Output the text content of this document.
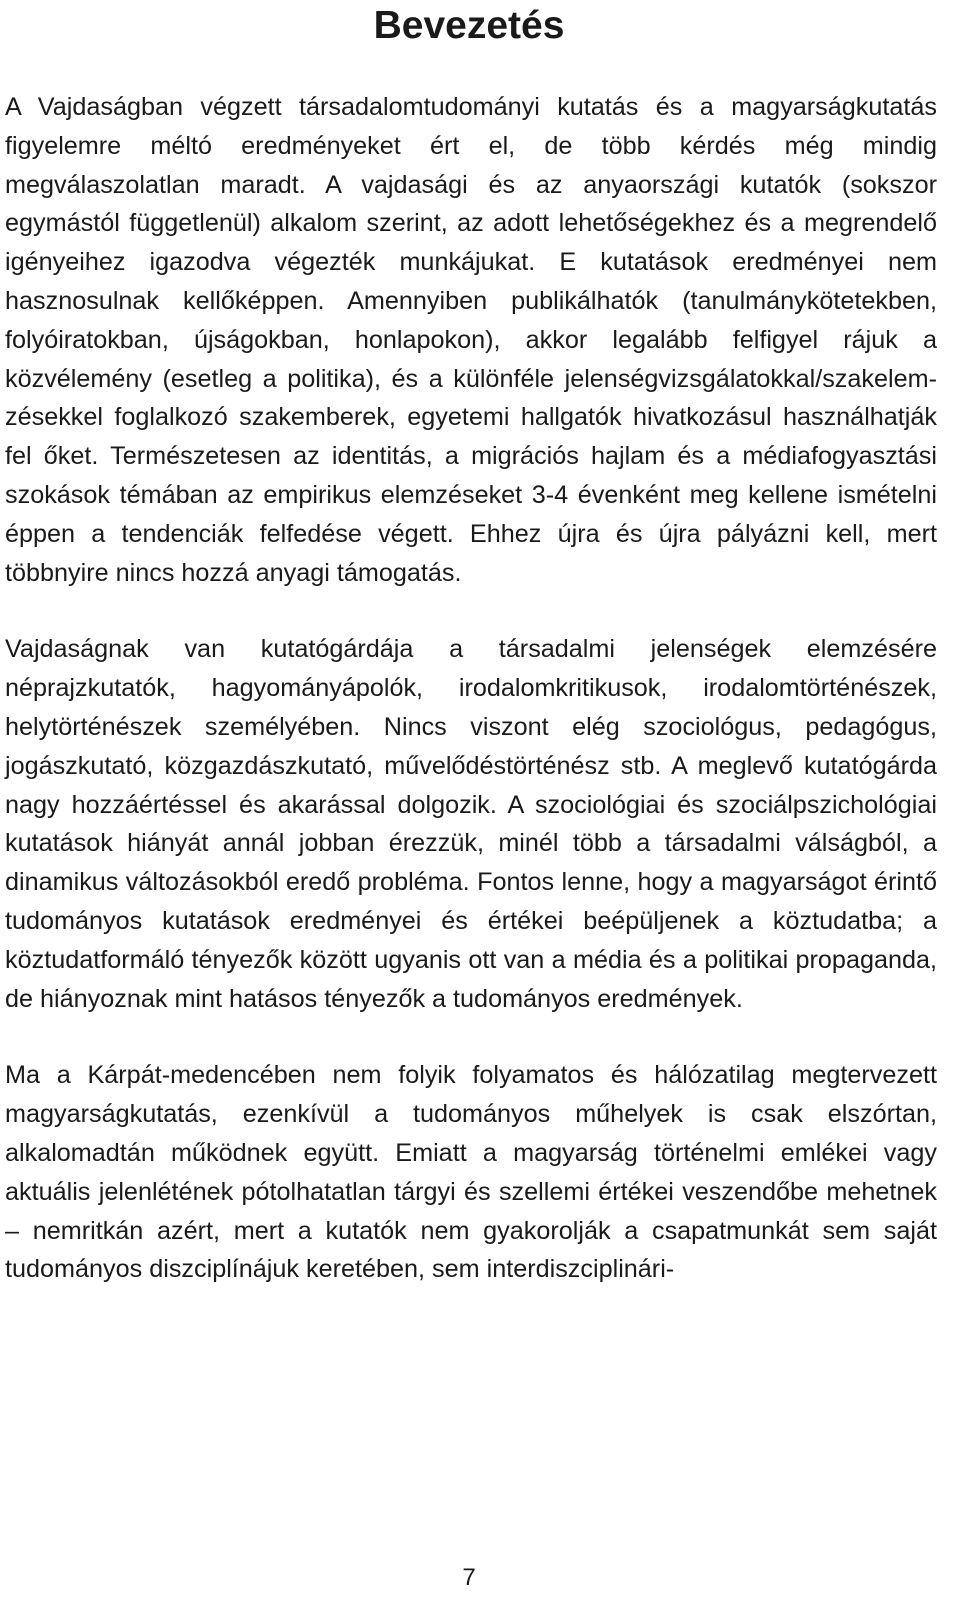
Bevezetés

A Vajdaságban végzett társadalomtudományi kutatás és a magyarságkutatás figyelemre méltó eredményeket ért el, de több kérdés még mindig megválaszolatlan maradt. A vajdasági és az anyaországi kutatók (sokszor egymástól függetlenül) alkalom szerint, az adott lehetőségekhez és a megrendelő igényeihez igazodva végezték munkájukat. E kutatások eredményei nem hasznosulnak kellőképpen. Amennyiben publikálhatók (tanulmánykötetekben, folyóiratokban, újságokban, honlapokon), akkor legalább felfigyel rájuk a közvélemény (esetleg a politika), és a különféle jelenségvizsgálatokkal/szakelemzésekkel foglalkozó szakemberek, egyetemi hallgatók hivatkozásul használhatják fel őket. Természetesen az identitás, a migrációs hajlam és a médiafogyasztási szokások témában az empirikus elemzéseket 3-4 évenként meg kellene ismételni éppen a tendenciák felfedése végett. Ehhez újra és újra pályázni kell, mert többnyire nincs hozzá anyagi támogatás.

Vajdaságnak van kutatógárdája a társadalmi jelenségek elemzésére néprajzkutatók, hagyományápolók, irodalomkritikusok, irodalomtörténészek, helytörténészek személyében. Nincs viszont elég szociológus, pedagógus, jogászkutató, közgazdászkutató, művelődéstörténész stb. A meglevő kutatógárda nagy hozzáértéssel és akarással dolgozik. A szociológiai és szociálpszichológiai kutatások hiányát annál jobban érezzük, minél több a társadalmi válságból, a dinamikus változásokból eredő probléma. Fontos lenne, hogy a magyarságot érintő tudományos kutatások eredményei és értékei beépüljenek a köztudatba; a köztudatformáló tényezők között ugyanis ott van a média és a politikai propaganda, de hiányoznak mint hatásos tényezők a tudományos eredmények.

Ma a Kárpát-medencében nem folyik folyamatos és hálózatilag megtervezett magyarságkutatás, ezenkívül a tudományos műhelyek is csak elszórtan, alkalomadtán működnek együtt. Emiatt a magyarság történelmi emlékei vagy aktuális jelenlétének pótolhatatlan tárgyi és szellemi értékei veszendőbe mehetnek – nemritkán azért, mert a kutatók nem gyakorolják a csapatmunkát sem saját tudományos diszciplínájuk keretében, sem interdiszciplinári-

7
